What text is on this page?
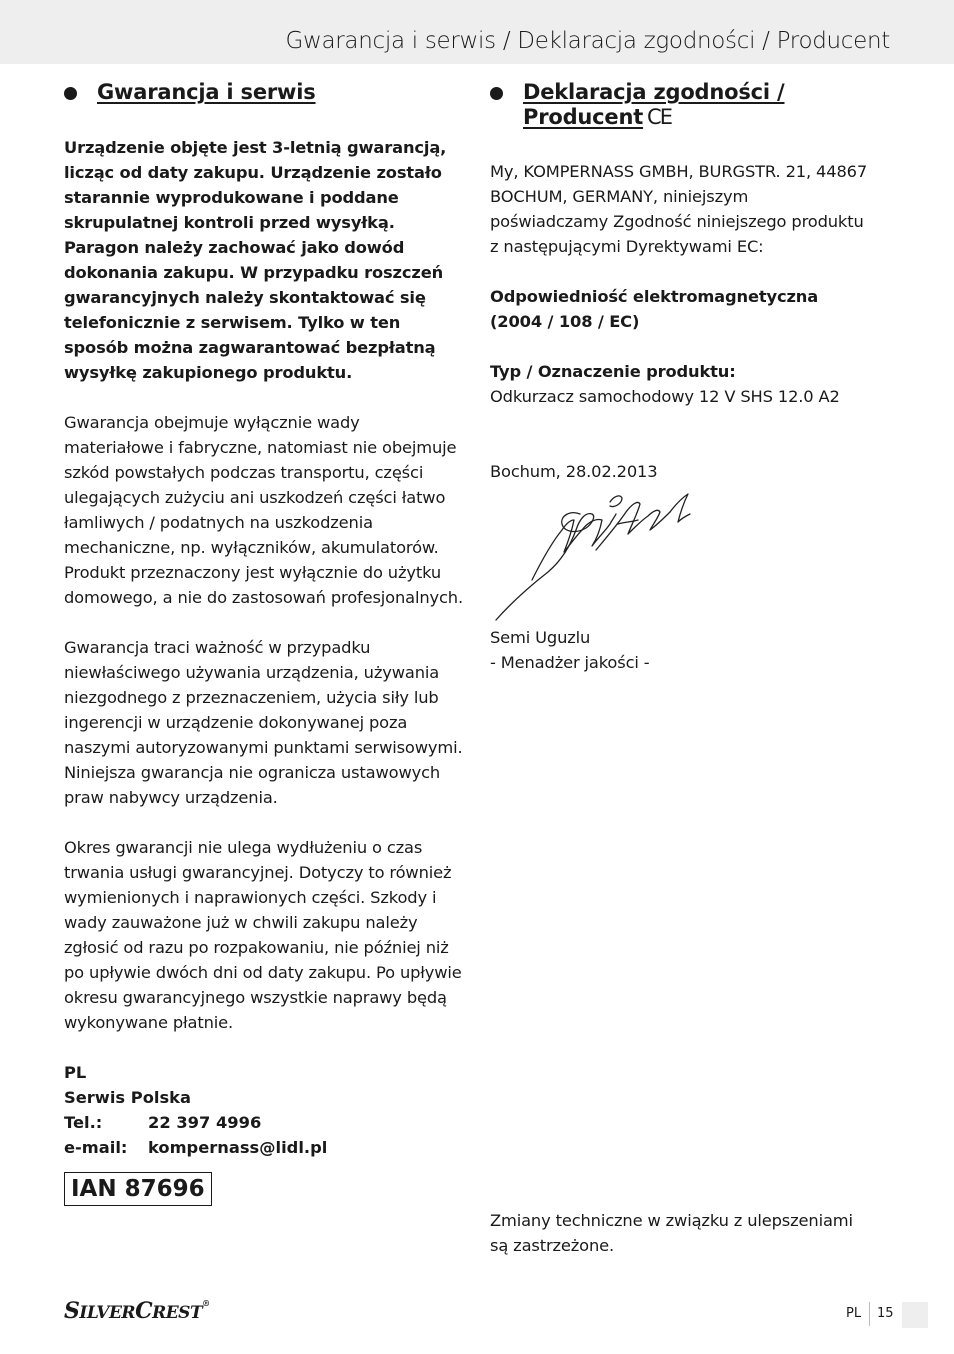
Gwarancja i serwis / Deklaracja zgodności / Producent
Gwarancja i serwis

Urządzenie objęte jest 3-letnią gwarancją, licząc od daty zakupu. Urządzenie zostało starannie wyprodukowane i poddane skrupulatnej kontroli przed wysyłką. Paragon należy zachować jako dowód dokonania zakupu. W przypadku roszczeń gwarancyjnych należy skontaktować się telefonicznie z serwisem. Tylko w ten sposób można zagwarantować bezpłatną wysyłkę zakupionego produktu.

Gwarancja obejmuje wyłącznie wady materiałowe i fabryczne, natomiast nie obejmuje szkód powstałych podczas transportu, części ulegających zużyciu ani uszkodzeń części łatwo łamliwych / podatnych na uszkodzenia mechaniczne, np. wyłączników, akumulatorów. Produkt przeznaczony jest wyłącznie do użytku domowego, a nie do zastosowań profesjonalnych.

Gwarancja traci ważność w przypadku niewłaściwego używania urządzenia, używania niezgodnego z przeznaczeniem, użycia siły lub ingerencji w urządzenie dokonywanej poza naszymi autoryzowanymi punktami serwisowymi. Niniejsza gwarancja nie ogranicza ustawowych praw nabywcy urządzenia.

Okres gwarancji nie ulega wydłużeniu o czas trwania usługi gwarancyjnej. Dotyczy to również wymienionych i naprawionych części. Szkody i wady zauważone już w chwili zakupu należy zgłosić od razu po rozpakowaniu, nie później niż po upływie dwóch dni od daty zakupu. Po upływie okresu gwarancyjnego wszystkie naprawy będą wykonywane płatnie.

PL
Serwis Polska
Tel.:	22 397 4996
e-mail:	kompernass@lidl.pl
IAN 87696
Deklaracja zgodności / Producent CE

My, KOMPERNASS GMBH, BURGSTR. 21, 44867 BOCHUM, GERMANY, niniejszym poświadczamy Zgodność niniejszego produktu z następującymi Dyrektywami EC:

Odpowiedniość elektromagnetyczna (2004 / 108 / EC)

Typ / Oznaczenie produktu:

Odkurzacz samochodowy 12 V SHS 12.0 A2

Bochum, 28.02.2013

Semi Uguzlu

- Menadżer jakości -

Zmiany techniczne w związku z ulepszeniami są zastrzeżone.

SILVERCREST®
PL 15
